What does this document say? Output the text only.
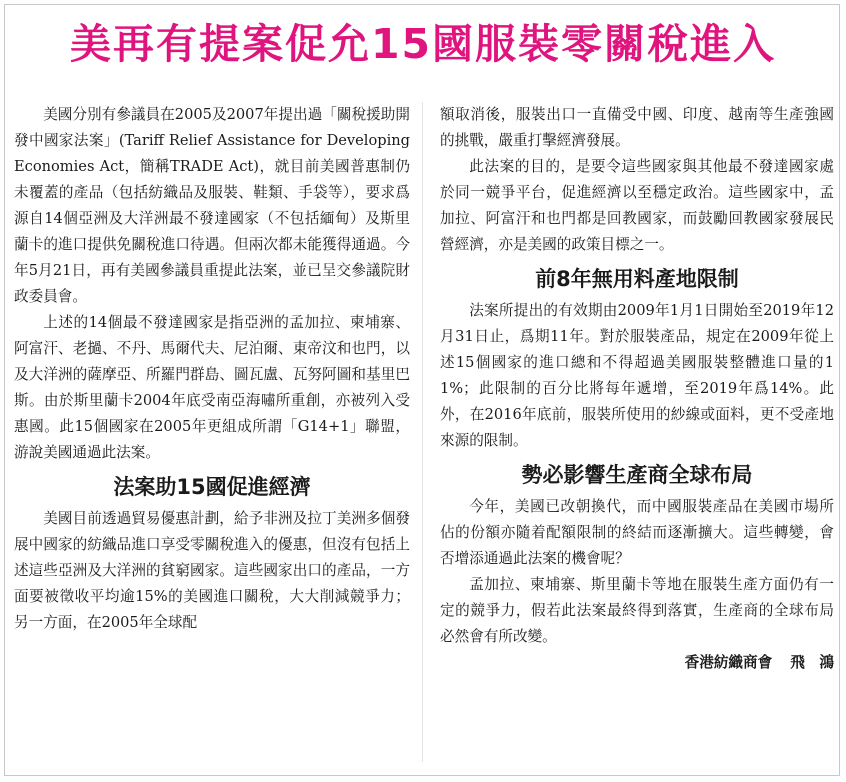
美再有提案促允15國服裝零關稅進入

美國分別有參議員在2005及2007年提出過「關稅援助開發中國家法案」(Tariff Relief Assistance for Developing Economies Act，簡稱TRADE Act)，就目前美國普惠制仍未覆蓋的產品（包括紡織品及服裝、鞋類、手袋等），要求爲源自14個亞洲及大洋洲最不發達國家（不包括緬甸）及斯里蘭卡的進口提供免關稅進口待遇。但兩次都未能獲得通過。今年5月21日，再有美國參議員重提此法案，並已呈交參議院財政委員會。

上述的14個最不發達國家是指亞洲的孟加拉、柬埔寨、阿富汗、老撾、不丹、馬爾代夫、尼泊爾、東帝汶和也門，以及大洋洲的薩摩亞、所羅門群島、圖瓦盧、瓦努阿圖和基里巴斯。由於斯里蘭卡2004年底受南亞海嘯所重創，亦被列入受惠國。此15個國家在2005年更組成所謂「G14+1」聯盟，游說美國通過此法案。

法案助15國促進經濟

美國目前透過貿易優惠計劃，給予非洲及拉丁美洲多個發展中國家的紡織品進口享受零關稅進入的優惠，但沒有包括上述這些亞洲及大洋洲的貧窮國家。這些國家出口的產品，一方面要被徵收平均逾15%的美國進口關稅，大大削減競爭力；另一方面，在2005年全球配

額取消後，服裝出口一直備受中國、印度、越南等生產強國的挑戰，嚴重打擊經濟發展。

此法案的目的，是要令這些國家與其他最不發達國家處於同一競爭平台，促進經濟以至穩定政治。這些國家中，孟加拉、阿富汗和也門都是回教國家，而鼓勵回教國家發展民營經濟，亦是美國的政策目標之一。

前8年無用料產地限制

法案所提出的有效期由2009年1月1日開始至2019年12月31日止，爲期11年。對於服裝產品，規定在2009年從上述15個國家的進口總和不得超過美國服裝整體進口量的11%；此限制的百分比將每年遞增，至2019年爲14%。此外，在2016年底前，服裝所使用的紗線或面料，更不受產地來源的限制。

勢必影響生產商全球布局

今年，美國已改朝換代，而中國服裝產品在美國市場所佔的份額亦隨着配額限制的終結而逐漸擴大。這些轉變，會否增添通過此法案的機會呢？

孟加拉、柬埔寨、斯里蘭卡等地在服裝生產方面仍有一定的競爭力，假若此法案最終得到落實，生產商的全球布局必然會有所改變。

香港紡織商會 飛　鴻
